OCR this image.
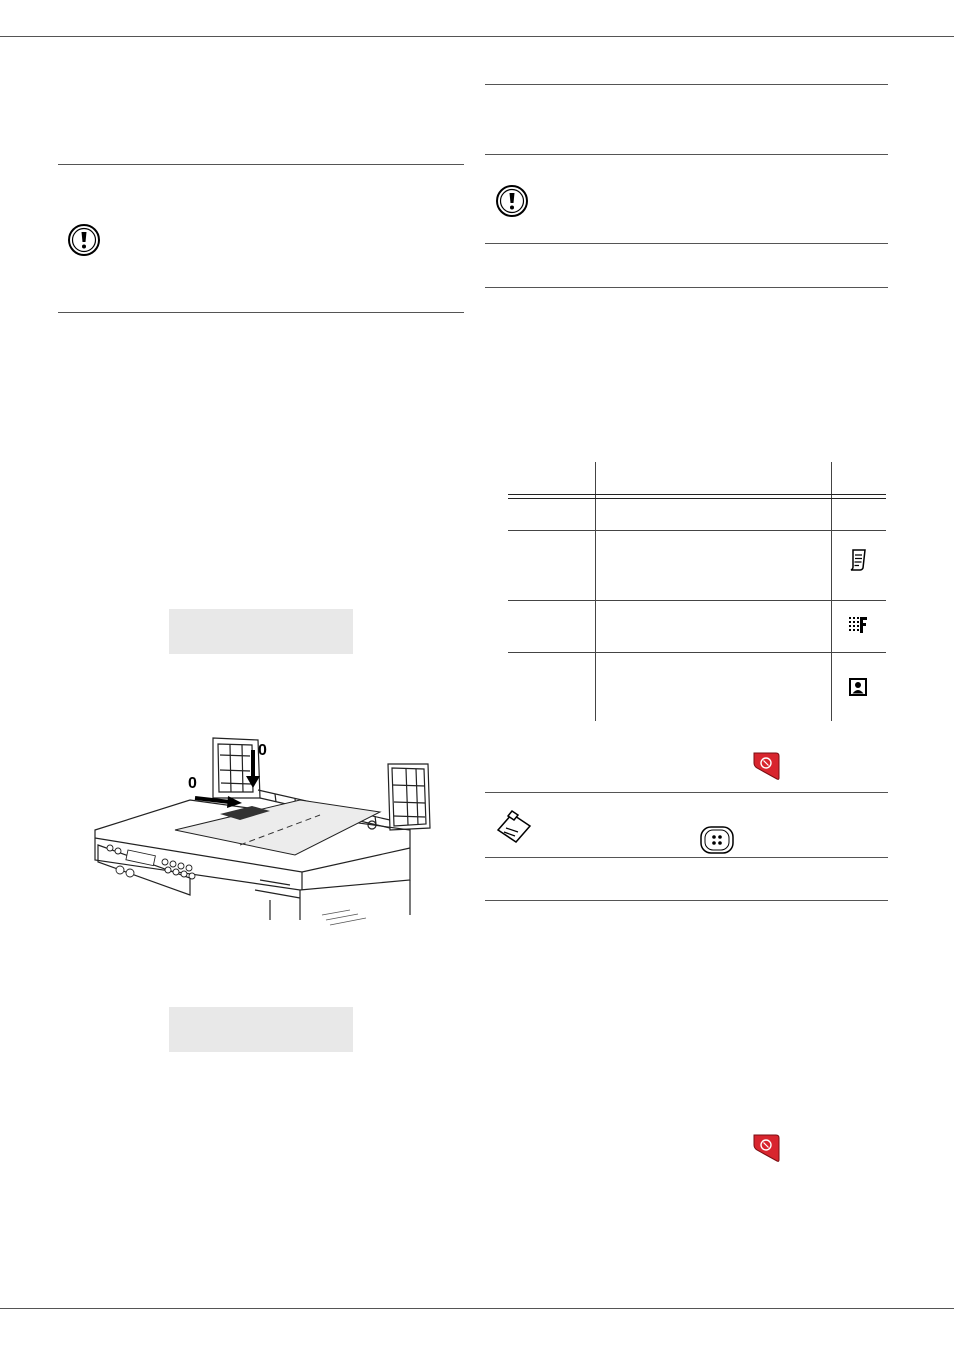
0
0
